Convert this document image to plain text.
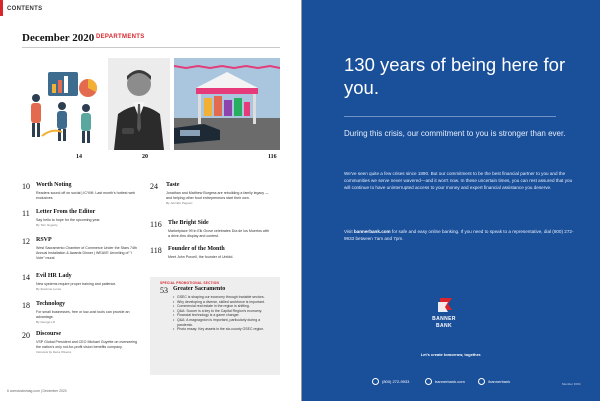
CONTENTS
December 2020 DEPARTMENTS
14	20	116
10 Worth Noting
Readers sound off on social | ICYMI: Last month's hottest web exclusives
11 Letter From the Editor
Say hello to hope for the upcoming year.
By Tom Gugerty
12 RSVP
West Sacramento Chamber of Commerce Under the Stars 74th Annual Installation & Awards Dinner | WEAVE Unveiling of "I Vote" mural
14 Evil HR Lady
New systems require proper training and patience.
By Suzanne Lucas
18 Technology
For small businesses, free or low-cost tools can provide an advantage.
By George Lill
20 Discourse
VSP Global President and CEO Michael Guyette on overseeing the nation's only not-for-profit vision benefits company.
Interview by Dena Oliveira
24 Taste
Jonathan and Matthew Burgess are rebuilding a family legacy — and helping other food entrepreneurs start their own.
By Jennifer Pegram
116 The Bright Side
Marketplace 99 in Elk Grove celebrates Día de los Muertos with a drive-thru display and contest.
118 Founder of the Month
Meet John Purcell, the founder of Unfold.
SPECIAL PROMOTIONAL SECTION
53 Greater Sacramento
• GSEC is shaping our economy through tradable sectors.
• Why developing a diverse, skilled workforce is important.
• Commercial real estate in the region is shifting.
• Q&A: Soccer is a key to the Capital Region's economy.
• Financial technology is a game changer.
• Q&A: A magnagnion is important, particularly during a pandemic.
• Photo essay: Key assets in the six-county GSEC region.
6 comstocksmag.com | December 2020
130 years of being here for you.
During this crisis, our commitment to you is stronger than ever.
We've seen quite a few crises since 1890. But our commitment to be the best financial partner to you and the communities we serve never wavered—and it won't now. In these uncertain times, you can rest assured that you will continue to have uninterrupted access to your money and expert financial assistance you deserve.
Visit bannerbank.com for safe and easy online banking. If you need to speak to a representative, dial (800) 272-9933 between 7am and 7pm.
BANNER
BANK
Let's create tomorrow, together.
(800) 272-9933	bannerbank.com	/bannerbank	Member FDIC
